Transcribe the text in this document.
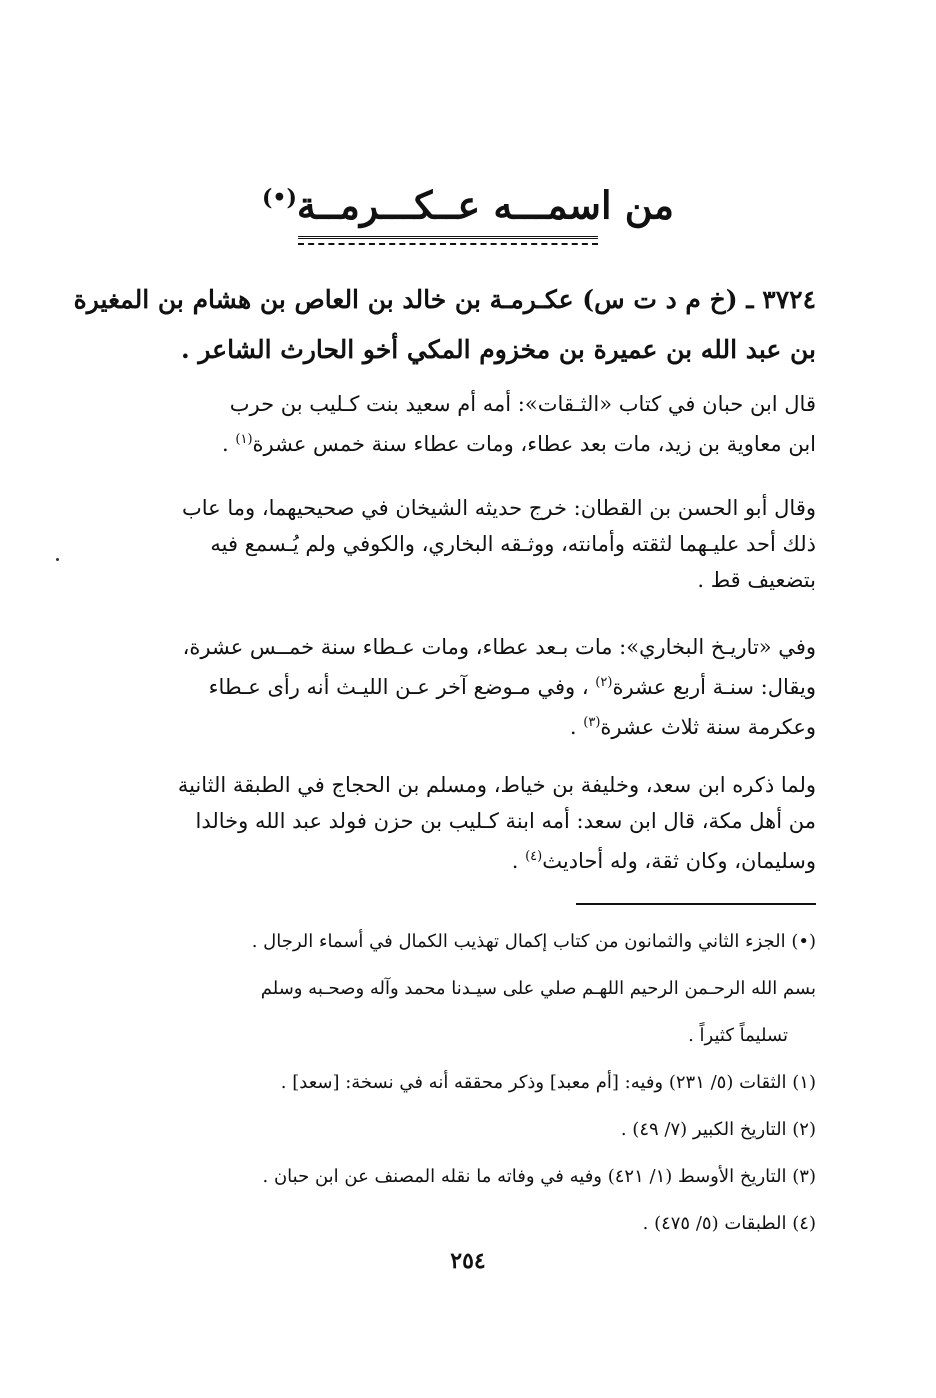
من اسمـــه عــكـــرمــة(•)
٣٧٢٤ ـ (خ م د ت س) عكـرمـة بن خالد بن العاص بن هشام بن المغيرة
بن عبد الله بن عميرة بن مخزوم المكي أخو الحارث الشاعر .
قال ابن حبان في كتاب «الثـقات»: أمه أم سعيد بنت كـليب بن حرب
ابن معاوية بن زيد، مات بعد عطاء، ومات عطاء سنة خمس عشرة$^{(١)}$ .
وقال أبو الحسن بن القطان: خرج حديثه الشيخان في صحيحيهما، وما عاب
ذلك أحد عليـهما لثقته وأمانته، ووثـقه البخاري، والكوفي ولم يُـسمع فيه
بتضعيف قط .
وفي «تاريـخ البخاري»: مات بـعد عطاء، ومات عـطاء سنة خمــس عشرة،
ويقال: سنـة أربع عشرة$^{(٢)}$ ، وفي مـوضع آخر عـن الليـث أنه رأى عـطاء
وعكرمة سنة ثلاث عشرة$^{(٣)}$ .
ولما ذكره ابن سعد، وخليفة بن خياط، ومسلم بن الحجاج في الطبقة الثانية
من أهل مكة، قال ابن سعد: أمه ابنة كـليب بن حزن فولد عبد الله وخالدا
وسليمان، وكان ثقة، وله أحاديث$^{(٤)}$ .
(•) الجزء الثاني والثمانون من كتاب إكمال تهذيب الكمال في أسماء الرجال .
بسم الله الرحـمن الرحيم اللهـم صلي على سيـدنا محمد وآله وصحـبه وسلم
تسليماً كثيراً .
(١) الثقات (٥/ ٢٣١) وفيه: [أم معبد] وذكر محققه أنه في نسخة: [سعد] .
(٢) التاريخ الكبير (٧/ ٤٩) .
(٣) التاريخ الأوسط (١/ ٤٢١) وفيه في وفاته ما نقله المصنف عن ابن حبان .
(٤) الطبقات (٥/ ٤٧٥) .
٢٥٤
